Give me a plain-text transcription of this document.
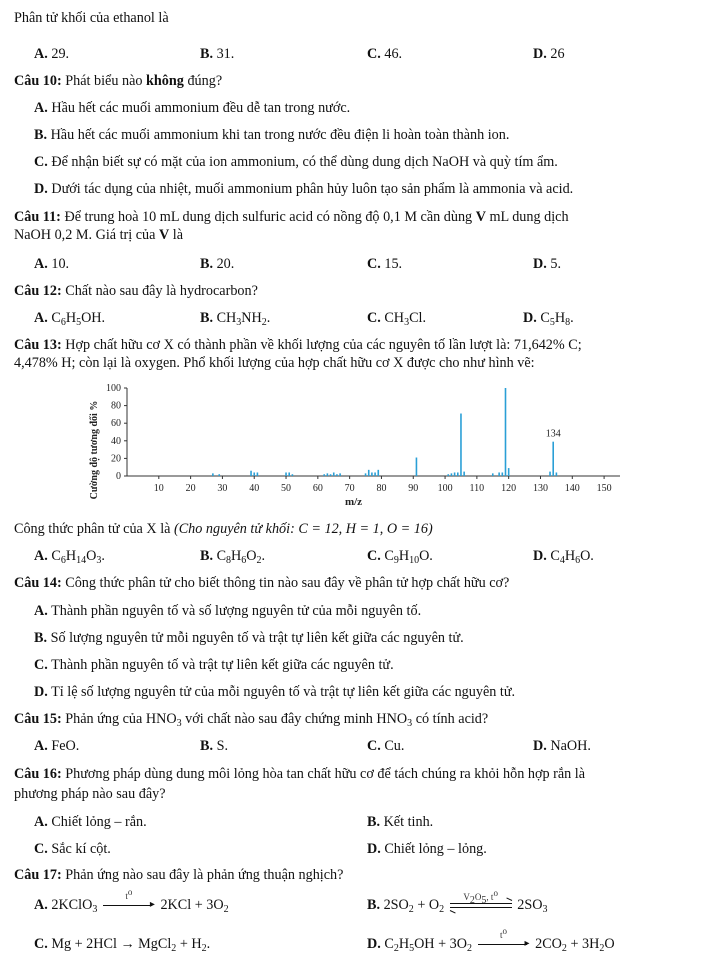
Phân tử khối của ethanol là
A. 29.	B. 31.	C. 46.	D. 26
Câu 10: Phát biểu nào không đúng?
A. Hầu hết các muối ammonium đều dễ tan trong nước.
B. Hầu hết các muối ammonium khi tan trong nước đều điện li hoàn toàn thành ion.
C. Để nhận biết sự có mặt của ion ammonium, có thể dùng dung dịch NaOH và quỳ tím ẩm.
D. Dưới tác dụng của nhiệt, muối ammonium phân hủy luôn tạo sản phẩm là ammonia và acid.
Câu 11: Để trung hoà 10 mL dung dịch sulfuric acid có nồng độ 0,1 M cần dùng V mL dung dịch
NaOH 0,2 M. Giá trị của V là
A. 10.	B. 20.	C. 15.	D. 5.
Câu 12: Chất nào sau đây là hydrocarbon?
A. $C_6H_5OH$.	B. $CH_3NH_2$.	C. $CH_3Cl$.	D. $C_5H_8$.
Câu 13: Hợp chất hữu cơ X có thành phần về khối lượng của các nguyên tố lần lượt là: 71,642% C;
4,478% H; còn lại là oxygen. Phổ khối lượng của hợp chất hữu cơ X được cho như hình vẽ:
0
20
40
60
80
100
10 20 30 40 50 60 70 80 90 100 110 120 130 140 150
134
m/z
Cường độ tương đối %
Công thức phân tử của X là (Cho nguyên tử khối: C = 12, H = 1, O = 16)
A. $C_6H_{14}O_3$.	B. $C_8H_6O_2$.	C. $C_9H_{10}O$.	D. $C_4H_6O$.
Câu 14: Công thức phân tử cho biết thông tin nào sau đây về phân tử hợp chất hữu cơ?
A. Thành phần nguyên tố và số lượng nguyên tử của mỗi nguyên tố.
B. Số lượng nguyên tử mỗi nguyên tố và trật tự liên kết giữa các nguyên tử.
C. Thành phần nguyên tố và trật tự liên kết giữa các nguyên tử.
D. Tỉ lệ số lượng nguyên tử của mỗi nguyên tố và trật tự liên kết giữa các nguyên tử.
Câu 15: Phản ứng của $HNO_3$ với chất nào sau đây chứng minh $HNO_3$ có tính acid?
A. FeO.	B. S.	C. Cu.	D. NaOH.
Câu 16: Phương pháp dùng dung môi lỏng hòa tan chất hữu cơ để tách chúng ra khỏi hỗn hợp rắn là
phương pháp nào sau đây?
A. Chiết lỏng – rắn.	B. Kết tinh.
C. Sắc kí cột.	D. Chiết lỏng – lỏng.
Câu 17: Phản ứng nào sau đây là phản ứng thuận nghịch?
A. 2KClO$_3$
$t^o$
▸ $2KCl + 3O_2$	B. $2SO_2 + O_2$
$V_2O_5$, $t^o$
$2SO_3$
C. Mg + 2HCl → MgCl$_2$ + $H_2$.	D. $C_2H_5OH + 3O_2$
$t^o$
▸ $2CO_2 + 3H_2O$
